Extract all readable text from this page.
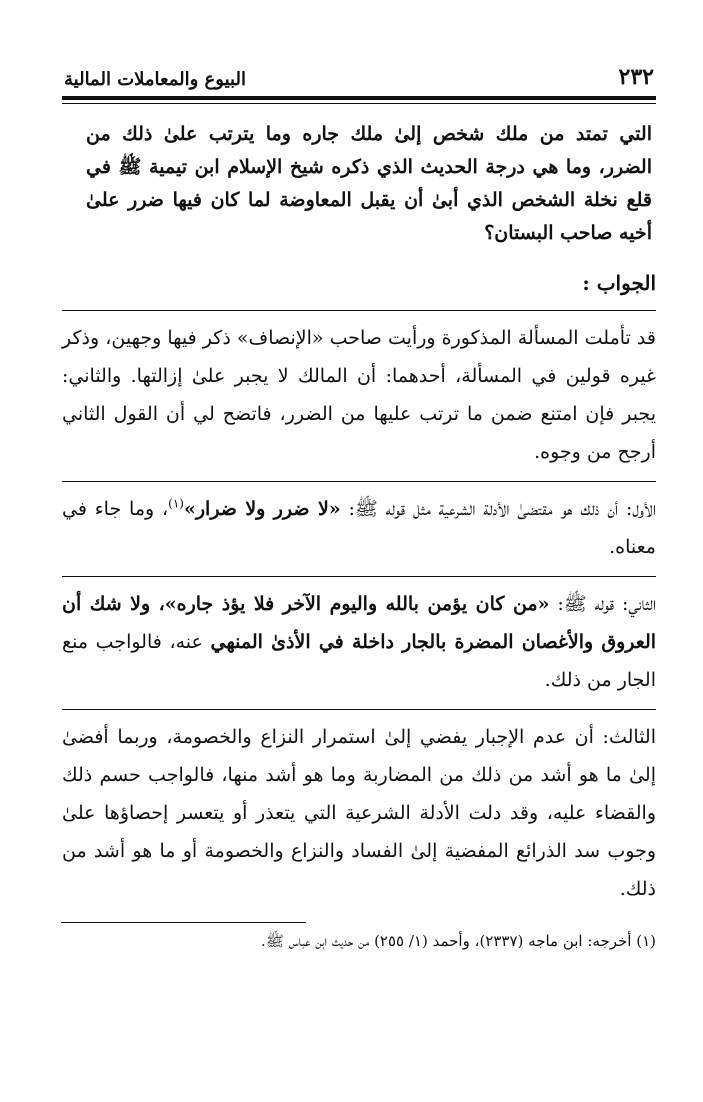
٢٣٢
البيوع والمعاملات المالية

التي تمتد من ملك شخص إلىٰ ملك جاره وما يترتب علىٰ ذلك من الضرر، وما هي درجة الحديث الذي ذكره شيخ الإسلام ابن تيمية ﷺ في قلع نخلة الشخص الذي أبىٰ أن يقبل المعاوضة لما كان فيها ضرر علىٰ أخيه صاحب البستان؟

الجواب :

قد تأملت المسألة المذكورة ورأيت صاحب «الإنصاف» ذكر فيها وجهين، وذكر غيره قولين في المسألة، أحدهما: أن المالك لا يجبر علىٰ إزالتها. والثاني: يجبر فإن امتنع ضمن ما ترتب عليها من الضرر، فاتضح لي أن القول الثاني أرجح من وجوه.

الأول: أن ذلك هو مقتضىٰ الأدلة الشرعية مثل قوله ﷺ: «لا ضرر ولا ضرار»$^{(١)}$، وما جاء في معناه.

الثاني: قوله ﷺ: «من كان يؤمن بالله واليوم الآخر فلا يؤذ جاره»، ولا شك أن العروق والأغصان المضرة بالجار داخلة في الأذىٰ المنهي عنه، فالواجب منع الجار من ذلك.

الثالث: أن عدم الإجبار يفضي إلىٰ استمرار النزاع والخصومة، وربما أفضىٰ إلىٰ ما هو أشد من ذلك من المضاربة وما هو أشد منها، فالواجب حسم ذلك والقضاء عليه، وقد دلت الأدلة الشرعية التي يتعذر أو يتعسر إحصاؤها علىٰ وجوب سد الذرائع المفضية إلىٰ الفساد والنزاع والخصومة أو ما هو أشد من ذلك.

(١) أخرجه: ابن ماجه (٢٣٣٧)، وأحمد (١/ ٢٥٥) من حديث ابن عباس ﷺ.
